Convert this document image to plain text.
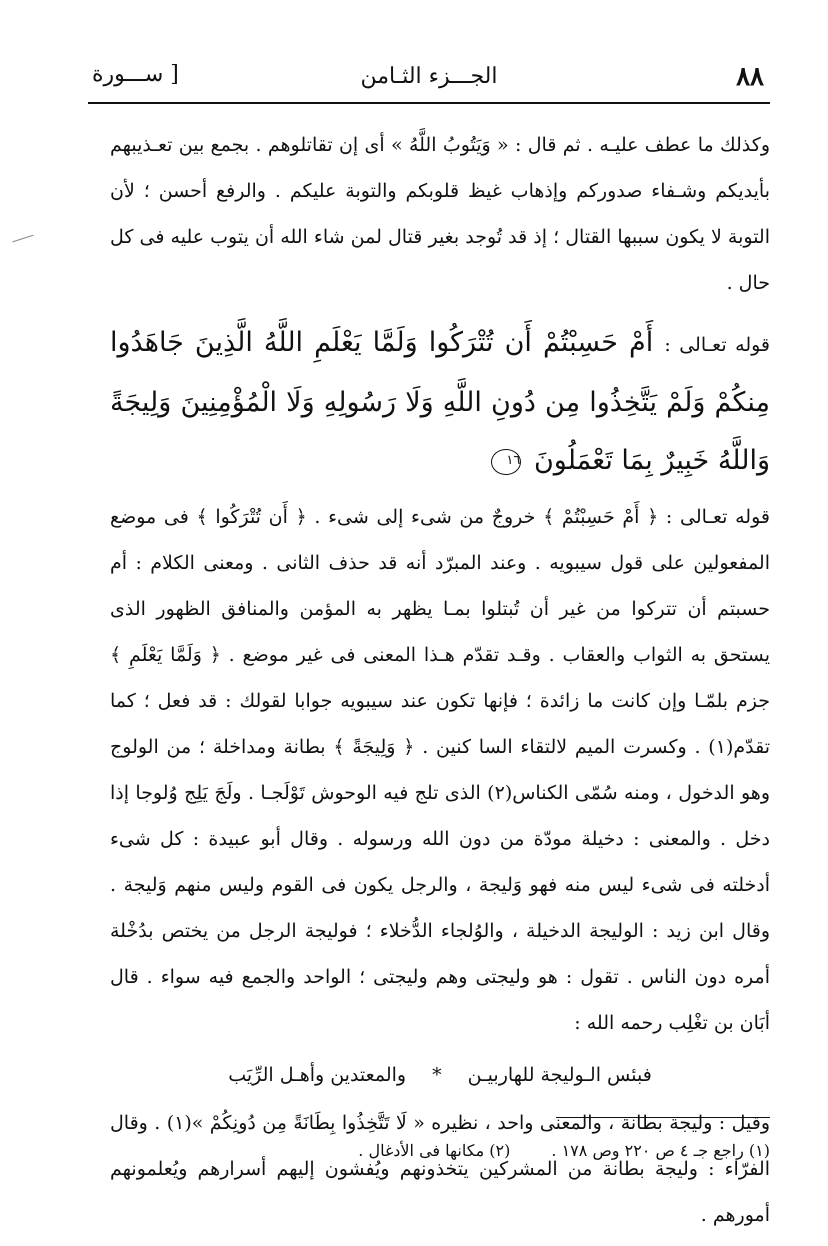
٨٨
الجـــزء الثـامن
[ ســـورة

وكذلك ما عطف عليـه . ثم قال : « وَيَتُوبُ اللَّهُ » أى إن تقاتلوهم . بجمع بين تعـذيبهم بأيديكم وشـفاء صدوركم وإذهاب غيظ قلوبكم والتوبة عليكم . والرفع أحسن ؛ لأن التوبة لا يكون سببها القتال ؛ إذ قد تُوجد بغير قتال لمن شاء الله أن يتوب عليه فى كل حال .

قوله تعـالى : أَمْ حَسِبْتُمْ أَن تُتْرَكُوا وَلَمَّا يَعْلَمِ اللَّهُ الَّذِينَ جَاهَدُوا مِنكُمْ وَلَمْ يَتَّخِذُوا مِن دُونِ اللَّهِ وَلَا رَسُولِهِ وَلَا الْمُؤْمِنِينَ وَلِيجَةً وَاللَّهُ خَبِيرٌ بِمَا تَعْمَلُونَ ١٦

قوله تعـالى : ﴿ أَمْ حَسِبْتُمْ ﴾ خروجٌ من شىء إلى شىء . ﴿ أَن تُتْرَكُوا ﴾ فى موضع المفعولين على قول سيبويه . وعند المبرّد أنه قد حذف الثانى . ومعنى الكلام : أم حسبتم أن تتركوا من غير أن تُبتلوا بمـا يظهر به المؤمن والمنافق الظهور الذى يستحق به الثواب والعقاب . وقـد تقدّم هـذا المعنى فى غير موضع . ﴿ وَلَمَّا يَعْلَمِ ﴾ جزم بلمّـا وإن كانت ما زائدة ؛ فإنها تكون عند سيبويه جوابا لقولك : قد فعل ؛ كما تقدّم(١) . وكسرت الميم لالتقاء السا كنين . ﴿ وَلِيجَةً ﴾ بطانة ومداخلة ؛ من الولوج وهو الدخول ، ومنه سُمّى الكناس(٢) الذى تلج فيه الوحوش تَوْلَجـا . ولَجَ يَلِج وُلوجا إذا دخل . والمعنى : دخيلة مودّة من دون الله ورسوله . وقال أبو عبيدة : كل شىء أدخلته فى شىء ليس منه فهو وَليجة ، والرجل يكون فى القوم وليس منهم وَليجة . وقال ابن زيد : الوليجة الدخيلة ، والوُلجاء الدُّخلاء ؛ فوليجة الرجل من يختص بدُخْلة أمره دون الناس . تقول : هو وليجتى وهم وليجتى ؛ الواحد والجمع فيه سواء . قال أبَان بن تغْلِب رحمه الله :

فبئس الـوليجة للهاربيـن * والمعتدين وأهـل الرِّيَب

وقيل : وليجة بطانة ، والمعنى واحد ، نظيره « لَا تَتَّخِذُوا بِطَانَةً مِن دُونِكُمْ »(١) . وقال الفرّاء : وليجة بطانة من المشركين يتخذونهم ويُفشون إليهم أسرارهم ويُعلمونهم أمورهم .

(١) راجع جـ ٤ ص ٢٢٠ وص ١٧٨ . (٢) مكانها فى الأدغال .
